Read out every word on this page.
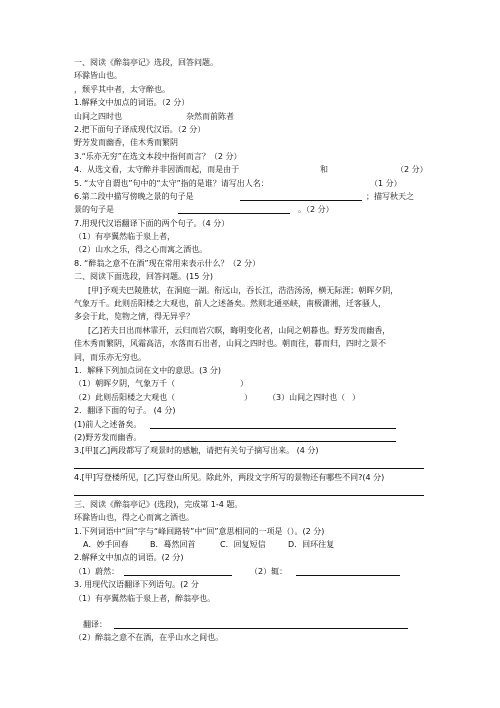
一、阅读《醉翁亭记》选段，回答问题。
环滁皆山也。
，颓乎其中者，太守醉也。
1.解释文中加点的词语。（2 分）
山间之四时也	杂然而前陈者
2.把下面句子译成现代汉语。（2 分）
野芳发而幽香，佳木秀而繁阴
3.“乐亦无穷”在选文本段中指何而言？（2 分）
4．从选文看，太守醉并非因酒而起，而是由于	和	（2 分）
5. “太守自谓也”句中的“太守”指的是谁？请写出人名：	（1 分）
6.第二段中描写傍晚之景的句子是	；描写秋天之
景的句子是	。（2 分）
7.用现代汉语翻译下面的两个句子。（4 分）
（1）有亭翼然临于泉上者，
（2）山水之乐，得之心而寓之酒也。
8. “醉翁之意不在酒”现在常用来表示什么？（2 分）
二、阅读下面选段，回答问题。(15 分)
[甲]予观夫巴陵胜状，在洞庭一湖。衔远山，吞长江，浩浩汤汤，横无际涯；朝晖夕阴，
气象万千。此则岳阳楼之大观也，前人之述备矣。然则北通巫峡，南极潇湘，迁客骚人，
多会于此，览物之情，得无异乎？
[乙]若夫日出而林霏开，云归而岩穴暝，晦明变化者，山间之朝暮也。野芳发而幽香，
佳木秀而繁阴，风霜高洁，水落而石出者，山间之四时也。朝而往，暮而归，四时之景不
同，而乐亦无穷也。
1．解释下列加点词在文中的意思。(3 分)
（1）朝晖夕阴，气象万千（	）
（2）此则岳阳楼之大观也（	） （3）山间之四时也（ ）
2．翻译下面的句子。 (4 分)
(1)前人之述备矣。
(2)野芳发而幽香。
3.[甲][乙]两段都写了观景时的感触，请把有关句子摘写出来。 (4 分)
4.[甲]写登楼所见，[乙]写登山所见。除此外，两段文字所写的景物还有哪些不同?(4 分)
三、阅读《醉翁亭记》(选段)，完成第 1-4 题。
环滁皆山也，得之心而寓之酒也。
1.下列词语中“回”字与“峰回路转”中“回”意思相同的一项是（）。(2 分)
A．妙手回春	B．蓦然回首	C．回复短信	D．回环往复
2.解释文中加点的词语。(2 分)
（1）蔚然：	（2）辄：
3. 用现代汉语翻译下列语句。(2 分
（1）有亭翼然临于泉上者，醉翁亭也。
翻译：
（2）醉翁之意不在酒，在乎山水之间也。
